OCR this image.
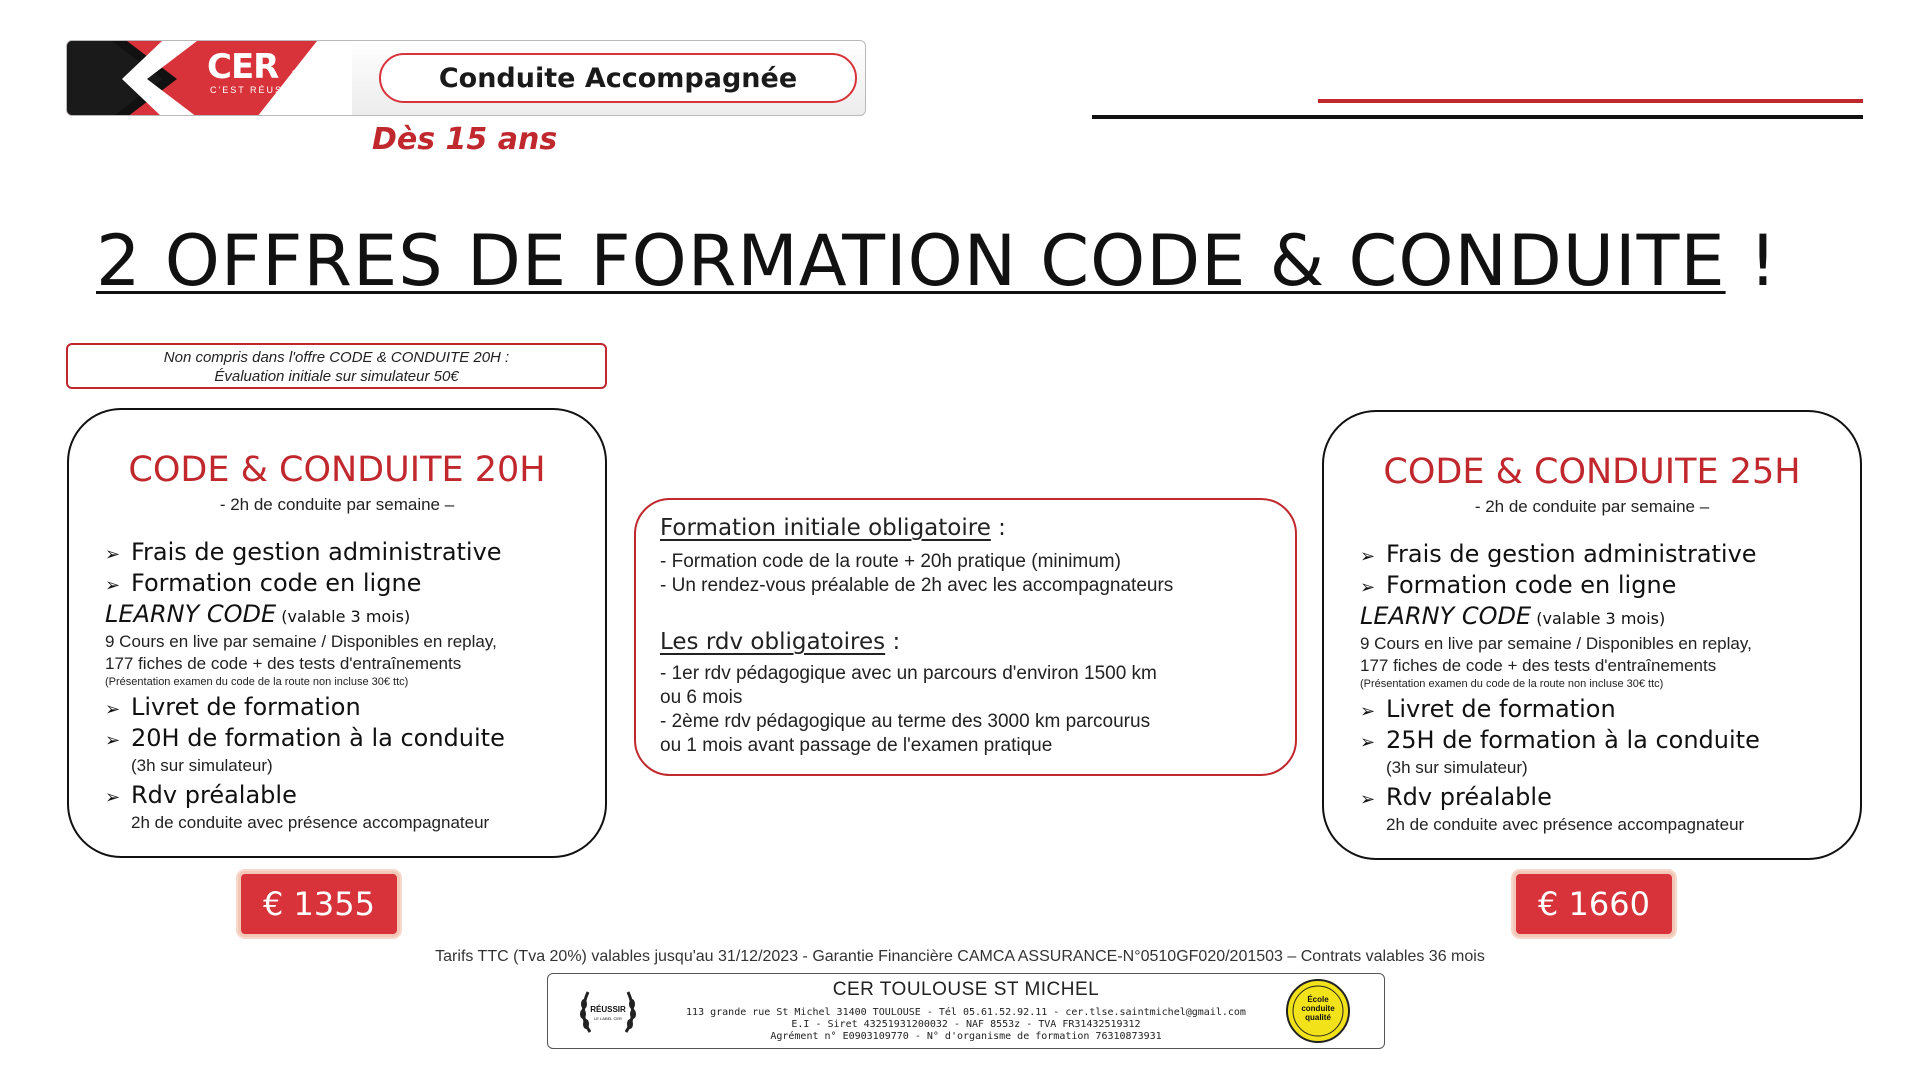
CER
C'EST RÉUSSIR	Conduite Accompagnée
Dès 15 ans
2 OFFRES DE FORMATION CODE & CONDUITE !
Non compris dans l'offre CODE & CONDUITE 20H :
Évaluation initiale sur simulateur 50€
CODE & CONDUITE 20H
- 2h de conduite par semaine –
➢ Frais de gestion administrative
➢ Formation code en ligne
LEARNY CODE (valable 3 mois)
9 Cours en live par semaine / Disponibles en replay,
177 fiches de code + des tests d'entraînements
(Présentation examen du code de la route non incluse 30€ ttc)
➢ Livret de formation
➢ 20H de formation à la conduite
(3h sur simulateur)
➢ Rdv préalable
2h de conduite avec présence accompagnateur
€ 1355
Formation initiale obligatoire :
- Formation code de la route + 20h pratique (minimum)
- Un rendez-vous préalable de 2h avec les accompagnateurs
Les rdv obligatoires :
- 1er rdv pédagogique avec un parcours d'environ 1500 km
ou 6 mois
- 2ème rdv pédagogique au terme des 3000 km parcourus
ou 1 mois avant passage de l'examen pratique
CODE & CONDUITE 25H
- 2h de conduite par semaine –
➢ Frais de gestion administrative
➢ Formation code en ligne
LEARNY CODE (valable 3 mois)
9 Cours en live par semaine / Disponibles en replay,
177 fiches de code + des tests d'entraînements
(Présentation examen du code de la route non incluse 30€ ttc)
➢ Livret de formation
➢ 25H de formation à la conduite
(3h sur simulateur)
➢ Rdv préalable
2h de conduite avec présence accompagnateur
€ 1660
Tarifs TTC (Tva 20%) valables jusqu'au 31/12/2023 - Garantie Financière CAMCA ASSURANCE-N°0510GF020/201503 – Contrats valables 36 mois
RÉUSSIR
LE LABEL CER
CER TOULOUSE ST MICHEL
113 grande rue St Michel 31400 TOULOUSE - Tél 05.61.52.92.11 - cer.tlse.saintmichel@gmail.com
E.I - Siret 43251931200032 - NAF 8553z - TVA FR31432519312
Agrément n° E0903109770 - N° d'organisme de formation 76310873931
École
conduite
qualité
